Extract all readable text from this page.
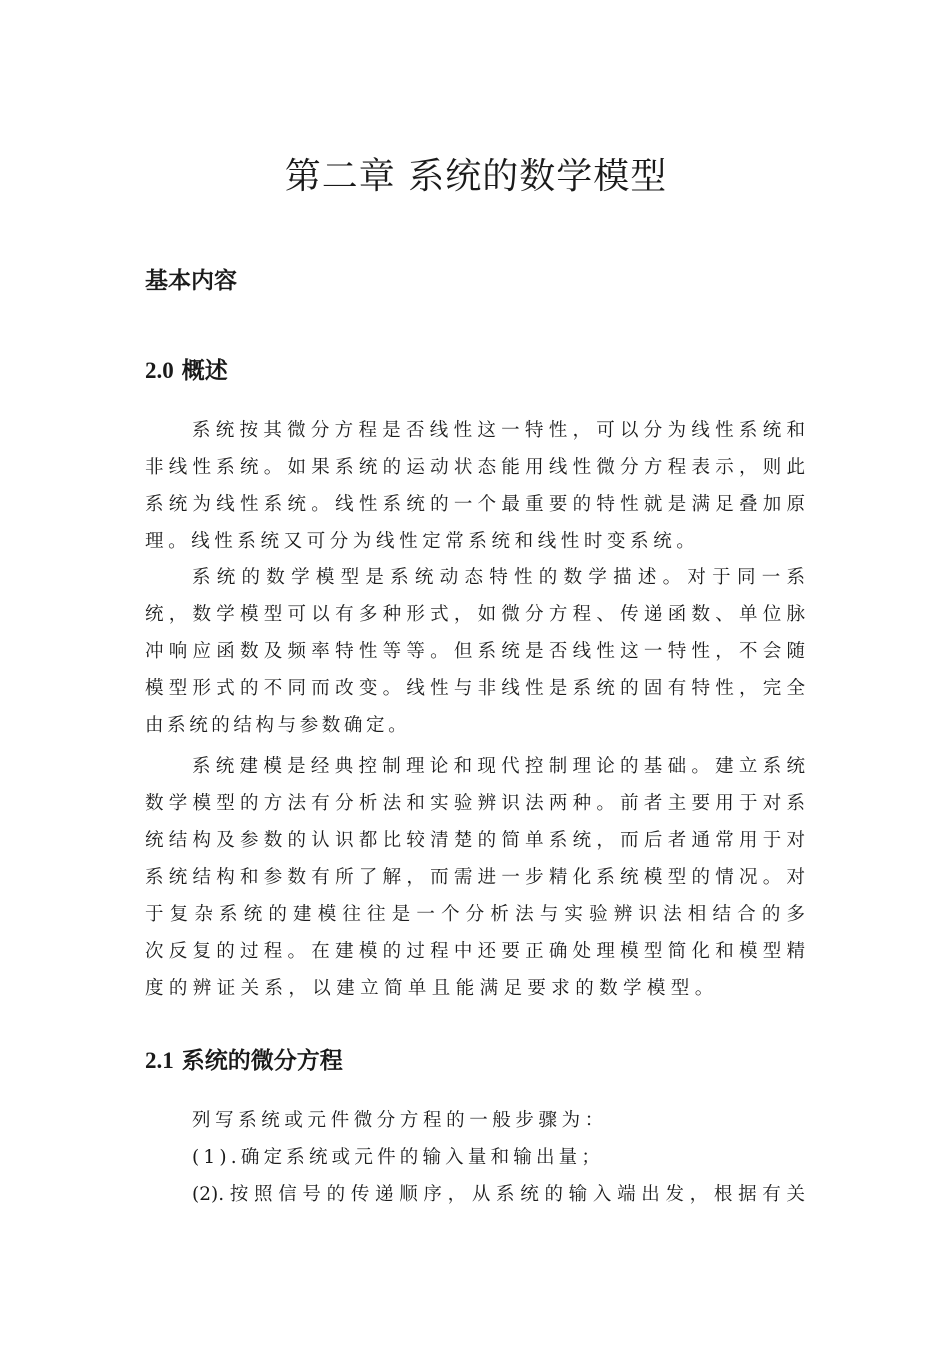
第二章 系统的数学模型
基本内容
2.0 概述
系统按其微分方程是否线性这一特性，可以分为线性系统和
非线性系统。如果系统的运动状态能用线性微分方程表示，则此
系统为线性系统。线性系统的一个最重要的特性就是满足叠加原
理。线性系统又可分为线性定常系统和线性时变系统。
系统的数学模型是系统动态特性的数学描述。对于同一系
统，数学模型可以有多种形式，如微分方程、传递函数、单位脉
冲响应函数及频率特性等等。但系统是否线性这一特性，不会随
模型形式的不同而改变。线性与非线性是系统的固有特性，完全
由系统的结构与参数确定。
系统建模是经典控制理论和现代控制理论的基础。建立系统
数学模型的方法有分析法和实验辨识法两种。前者主要用于对系
统结构及参数的认识都比较清楚的简单系统，而后者通常用于对
系统结构和参数有所了解，而需进一步精化系统模型的情况。对
于复杂系统的建模往往是一个分析法与实验辨识法相结合的多
次反复的过程。在建模的过程中还要正确处理模型简化和模型精
度的辨证关系，以建立简单且能满足要求的数学模型。
2.1 系统的微分方程
列写系统或元件微分方程的一般步骤为：
(1).确定系统或元件的输入量和输出量；
(2).按照信号的传递顺序，从系统的输入端出发，根据有关
